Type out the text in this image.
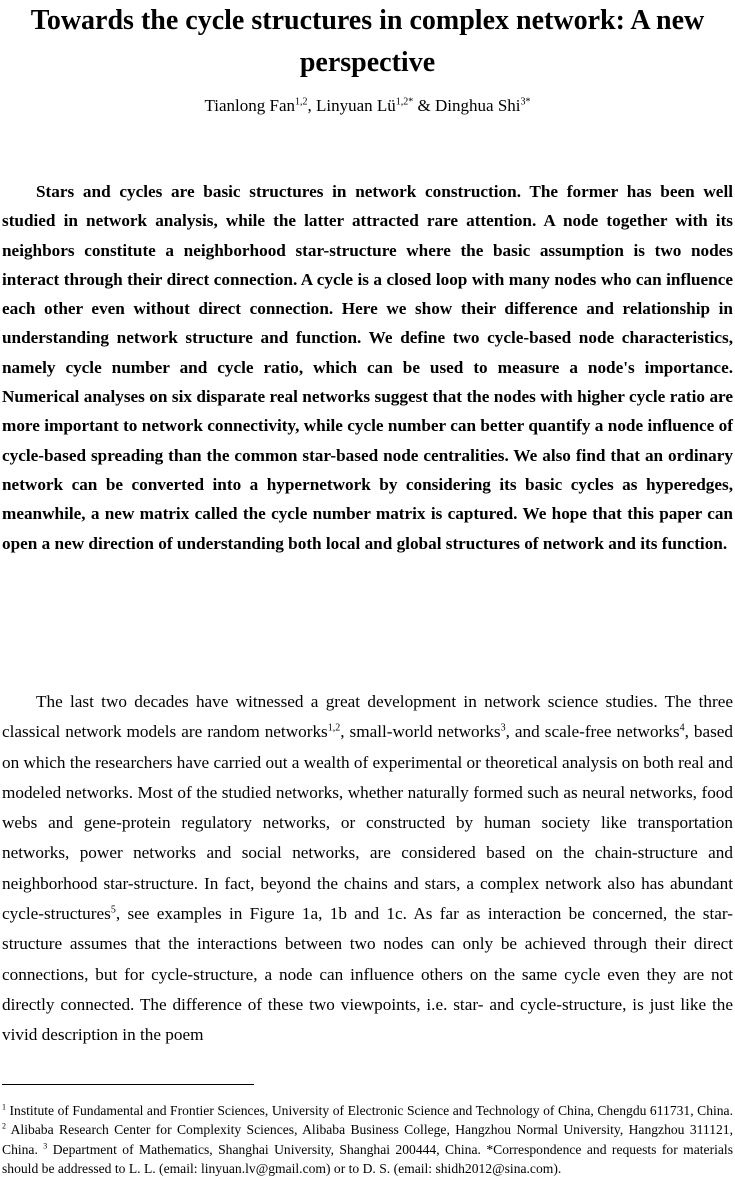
Towards the cycle structures in complex network: A new perspective
Tianlong Fan$^{1,2}$, Linyuan $Lü^{1,2*}$ & Dinghua Shi$^{3*}$

Stars and cycles are basic structures in network construction. The former has been well studied in network analysis, while the latter attracted rare attention. A node together with its neighbors constitute a neighborhood star-structure where the basic assumption is two nodes interact through their direct connection. A cycle is a closed loop with many nodes who can influence each other even without direct connection. Here we show their difference and relationship in understanding network structure and function. We define two cycle-based node characteristics, namely cycle number and cycle ratio, which can be used to measure a node's importance. Numerical analyses on six disparate real networks suggest that the nodes with higher cycle ratio are more important to network connectivity, while cycle number can better quantify a node influence of cycle-based spreading than the common star-based node centralities. We also find that an ordinary network can be converted into a hypernetwork by considering its basic cycles as hyperedges, meanwhile, a new matrix called the cycle number matrix is captured. We hope that this paper can open a new direction of understanding both local and global structures of network and its function.

The last two decades have witnessed a great development in network science studies. The three classical network models are random networks$^{1,2}$, small-world networks$^3$, and scale-free networks$^4$, based on which the researchers have carried out a wealth of experimental or theoretical analysis on both real and modeled networks. Most of the studied networks, whether naturally formed such as neural networks, food webs and gene-protein regulatory networks, or constructed by human society like transportation networks, power networks and social networks, are considered based on the chain-structure and neighborhood star-structure. In fact, beyond the chains and stars, a complex network also has abundant cycle-structures$^5$, see examples in Figure 1a, 1b and 1c. As far as interaction be concerned, the star-structure assumes that the interactions between two nodes can only be achieved through their direct connections, but for cycle-structure, a node can influence others on the same cycle even they are not directly connected. The difference of these two viewpoints, i.e. star- and cycle-structure, is just like the vivid description in the poem

$^1$ Institute of Fundamental and Frontier Sciences, University of Electronic Science and Technology of China, Chengdu 611731, China. $^2$ Alibaba Research Center for Complexity Sciences, Alibaba Business College, Hangzhou Normal University, Hangzhou 311121, China. $^3$ Department of Mathematics, Shanghai University, Shanghai 200444, China. *Correspondence and requests for materials should be addressed to L. L. (email: linyuan.lv@gmail.com) or to D. S. (email: shidh2012@sina.com).
